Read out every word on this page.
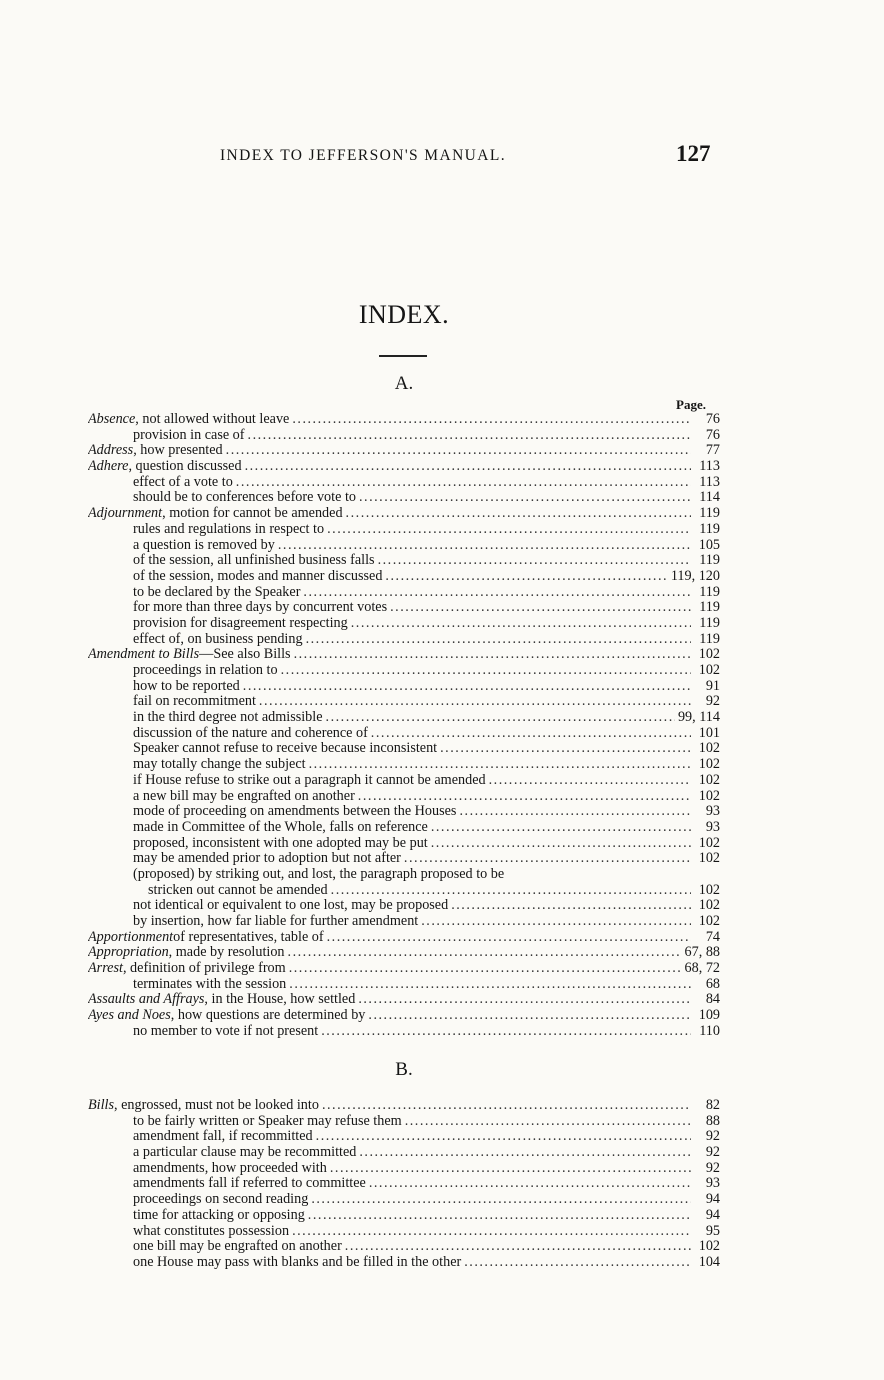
INDEX TO JEFFERSON'S MANUAL.	127
INDEX.
A.
Page.
Absence , not allowed without leave .....	76
provision in case of .....	76
Address , how presented .....	77
Adhere , question discussed .....	113
effect of a vote to .....	113
should be to conferences before vote to .....	114
Adjournment , motion for cannot be amended .....	119
rules and regulations in respect to .....	119
a question is removed by .....	105
of the session, all unfinished business falls .....	119
of the session, modes and manner discussed .....	119, 120
to be declared by the Speaker .....	119
for more than three days by concurrent votes .....	119
provision for disagreement respecting .....	119
effect of, on business pending .....	119
Amendment to Bills —See also Bills .....	102
proceedings in relation to .....	102
how to be reported .....	91
fail on recommitment .....	92
in the third degree not admissible .....	99, 114
discussion of the nature and coherence of .....	101
Speaker cannot refuse to receive because inconsistent .....	102
may totally change the subject .....	102
if House refuse to strike out a paragraph it cannot be amended .....	102
a new bill may be engrafted on another .....	102
mode of proceeding on amendments between the Houses .....	93
made in Committee of the Whole, falls on reference .....	93
proposed, inconsistent with one adopted may be put .....	102
may be amended prior to adoption but not after .....	102
(proposed) by striking out, and lost, the paragraph proposed to be
stricken out cannot be amended .....	102
not identical or equivalent to one lost, may be proposed .....	102
by insertion, how far liable for further amendment .....	102
Apportionment of representatives, table of .....	74
Appropriation , made by resolution .....	67, 88
Arrest , definition of privilege from .....	68, 72
terminates with the session .....	68
Assaults and Affrays , in the House, how settled .....	84
Ayes and Noes , how questions are determined by .....	109
no member to vote if not present .....	110
B.
Bills , engrossed, must not be looked into .....	82
to be fairly written or Speaker may refuse them .....	88
amendment fall, if recommitted .....	92
a particular clause may be recommitted .....	92
amendments, how proceeded with .....	92
amendments fall if referred to committee .....	93
proceedings on second reading .....	94
time for attacking or opposing .....	94
what constitutes possession .....	95
one bill may be engrafted on another .....	102
one House may pass with blanks and be filled in the other .....	104
